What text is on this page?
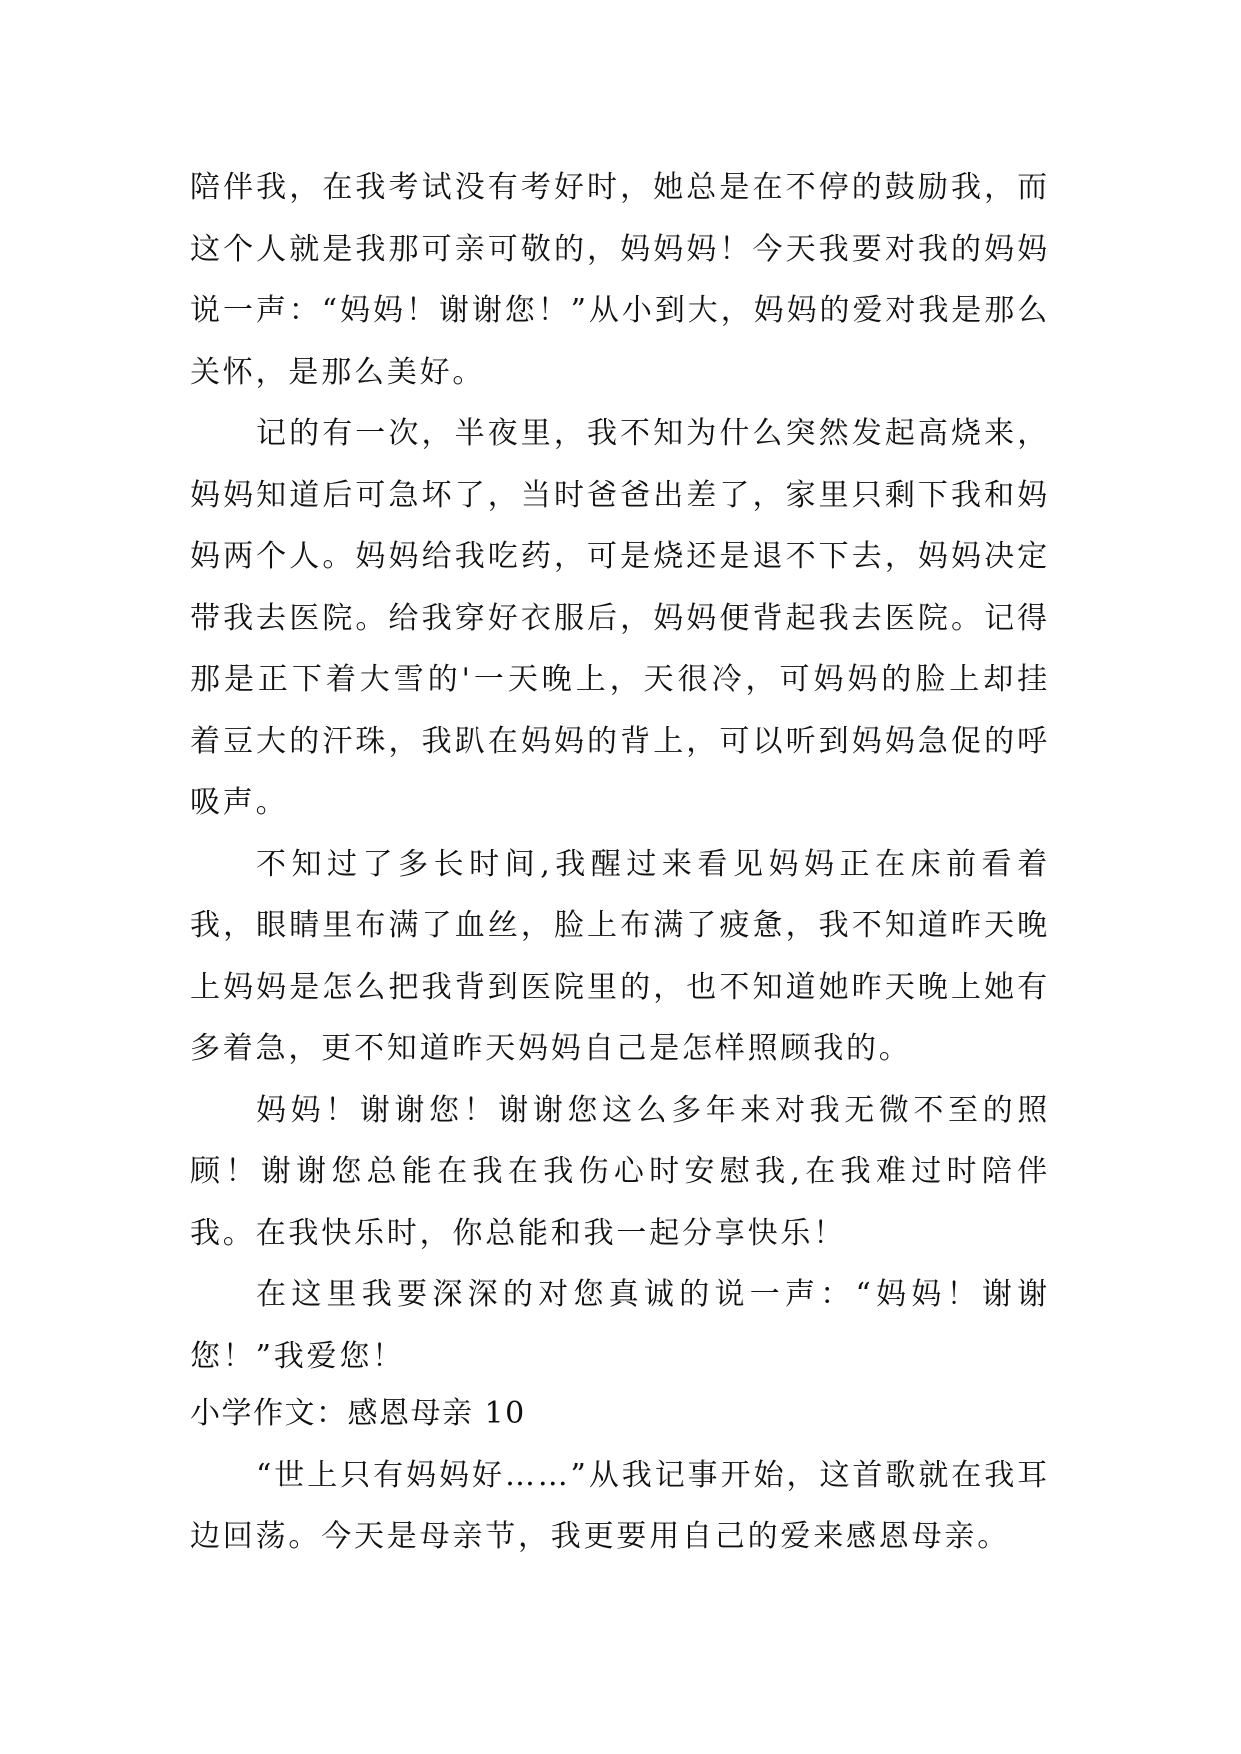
陪伴我，在我考试没有考好时，她总是在不停的鼓励我，而这个人就是我那可亲可敬的，妈妈妈！今天我要对我的妈妈说一声：“妈妈！谢谢您！”从小到大，妈妈的爱对我是那么关怀，是那么美好。

记的有一次，半夜里，我不知为什么突然发起高烧来，妈妈知道后可急坏了，当时爸爸出差了，家里只剩下我和妈妈两个人。妈妈给我吃药，可是烧还是退不下去，妈妈决定带我去医院。给我穿好衣服后，妈妈便背起我去医院。记得那是正下着大雪的'一天晚上，天很冷，可妈妈的脸上却挂着豆大的汗珠，我趴在妈妈的背上，可以听到妈妈急促的呼吸声。

不知过了多长时间,我醒过来看见妈妈正在床前看着我，眼睛里布满了血丝，脸上布满了疲惫，我不知道昨天晚上妈妈是怎么把我背到医院里的，也不知道她昨天晚上她有多着急，更不知道昨天妈妈自己是怎样照顾我的。

妈妈！谢谢您！谢谢您这么多年来对我无微不至的照顾！谢谢您总能在我在我伤心时安慰我,在我难过时陪伴我。在我快乐时，你总能和我一起分享快乐！

在这里我要深深的对您真诚的说一声：“妈妈！谢谢您！”我爱您！

小学作文：感恩母亲 10

“世上只有妈妈好……”从我记事开始，这首歌就在我耳边回荡。今天是母亲节，我更要用自己的爱来感恩母亲。
